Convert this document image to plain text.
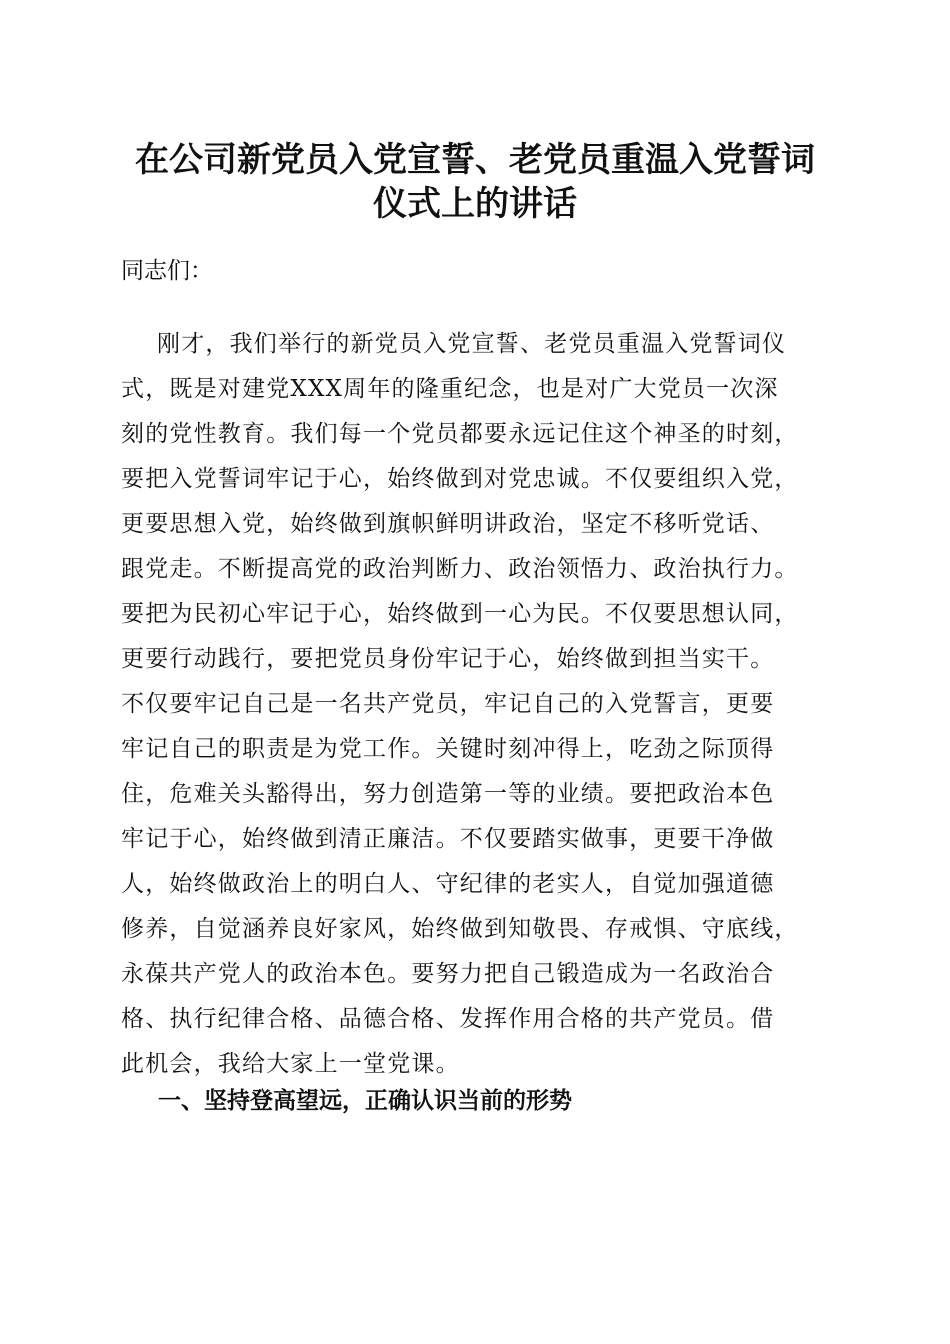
在公司新党员入党宣誓、老党员重温入党誓词
仪式上的讲话
同志们：
刚才，我们举行的新党员入党宣誓、老党员重温入党誓词仪
式，既是对建党XXX周年的隆重纪念，也是对广大党员一次深
刻的党性教育。我们每一个党员都要永远记住这个神圣的时刻，
要把入党誓词牢记于心，始终做到对党忠诚。不仅要组织入党，
更要思想入党，始终做到旗帜鲜明讲政治，坚定不移听党话、
跟党走。不断提高党的政治判断力、政治领悟力、政治执行力。
要把为民初心牢记于心，始终做到一心为民。不仅要思想认同，
更要行动践行，要把党员身份牢记于心，始终做到担当实干。
不仅要牢记自己是一名共产党员，牢记自己的入党誓言，更要
牢记自己的职责是为党工作。关键时刻冲得上，吃劲之际顶得
住，危难关头豁得出，努力创造第一等的业绩。要把政治本色
牢记于心，始终做到清正廉洁。不仅要踏实做事，更要干净做
人，始终做政治上的明白人、守纪律的老实人，自觉加强道德
修养，自觉涵养良好家风，始终做到知敬畏、存戒惧、守底线，
永葆共产党人的政治本色。要努力把自己锻造成为一名政治合
格、执行纪律合格、品德合格、发挥作用合格的共产党员。借
此机会，我给大家上一堂党课。
一、坚持登高望远，正确认识当前的形势
